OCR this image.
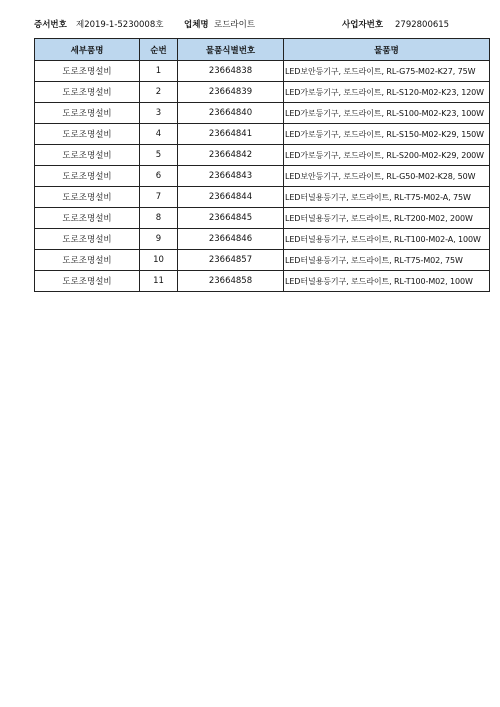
증서번호 제2019-1-5230008호 업체명 로드라이트	사업자번호 2792800615
세부품명	순번	물품식별번호	물품명
도로조명설비	1	23664838	LED보안등기구, 로드라이트, RL-G75-M02-K27, 75W
도로조명설비	2	23664839	LED가로등기구, 로드라이트, RL-S120-M02-K23, 120W
도로조명설비	3	23664840	LED가로등기구, 로드라이트, RL-S100-M02-K23, 100W
도로조명설비	4	23664841	LED가로등기구, 로드라이트, RL-S150-M02-K29, 150W
도로조명설비	5	23664842	LED가로등기구, 로드라이트, RL-S200-M02-K29, 200W
도로조명설비	6	23664843	LED보안등기구, 로드라이트, RL-G50-M02-K28, 50W
도로조명설비	7	23664844	LED터널용등기구, 로드라이트, RL-T75-M02-A, 75W
도로조명설비	8	23664845	LED터널용등기구, 로드라이트, RL-T200-M02, 200W
도로조명설비	9	23664846	LED터널용등기구, 로드라이트, RL-T100-M02-A, 100W
도로조명설비	10	23664857	LED터널용등기구, 로드라이트, RL-T75-M02, 75W
도로조명설비	11	23664858	LED터널용등기구, 로드라이트, RL-T100-M02, 100W
